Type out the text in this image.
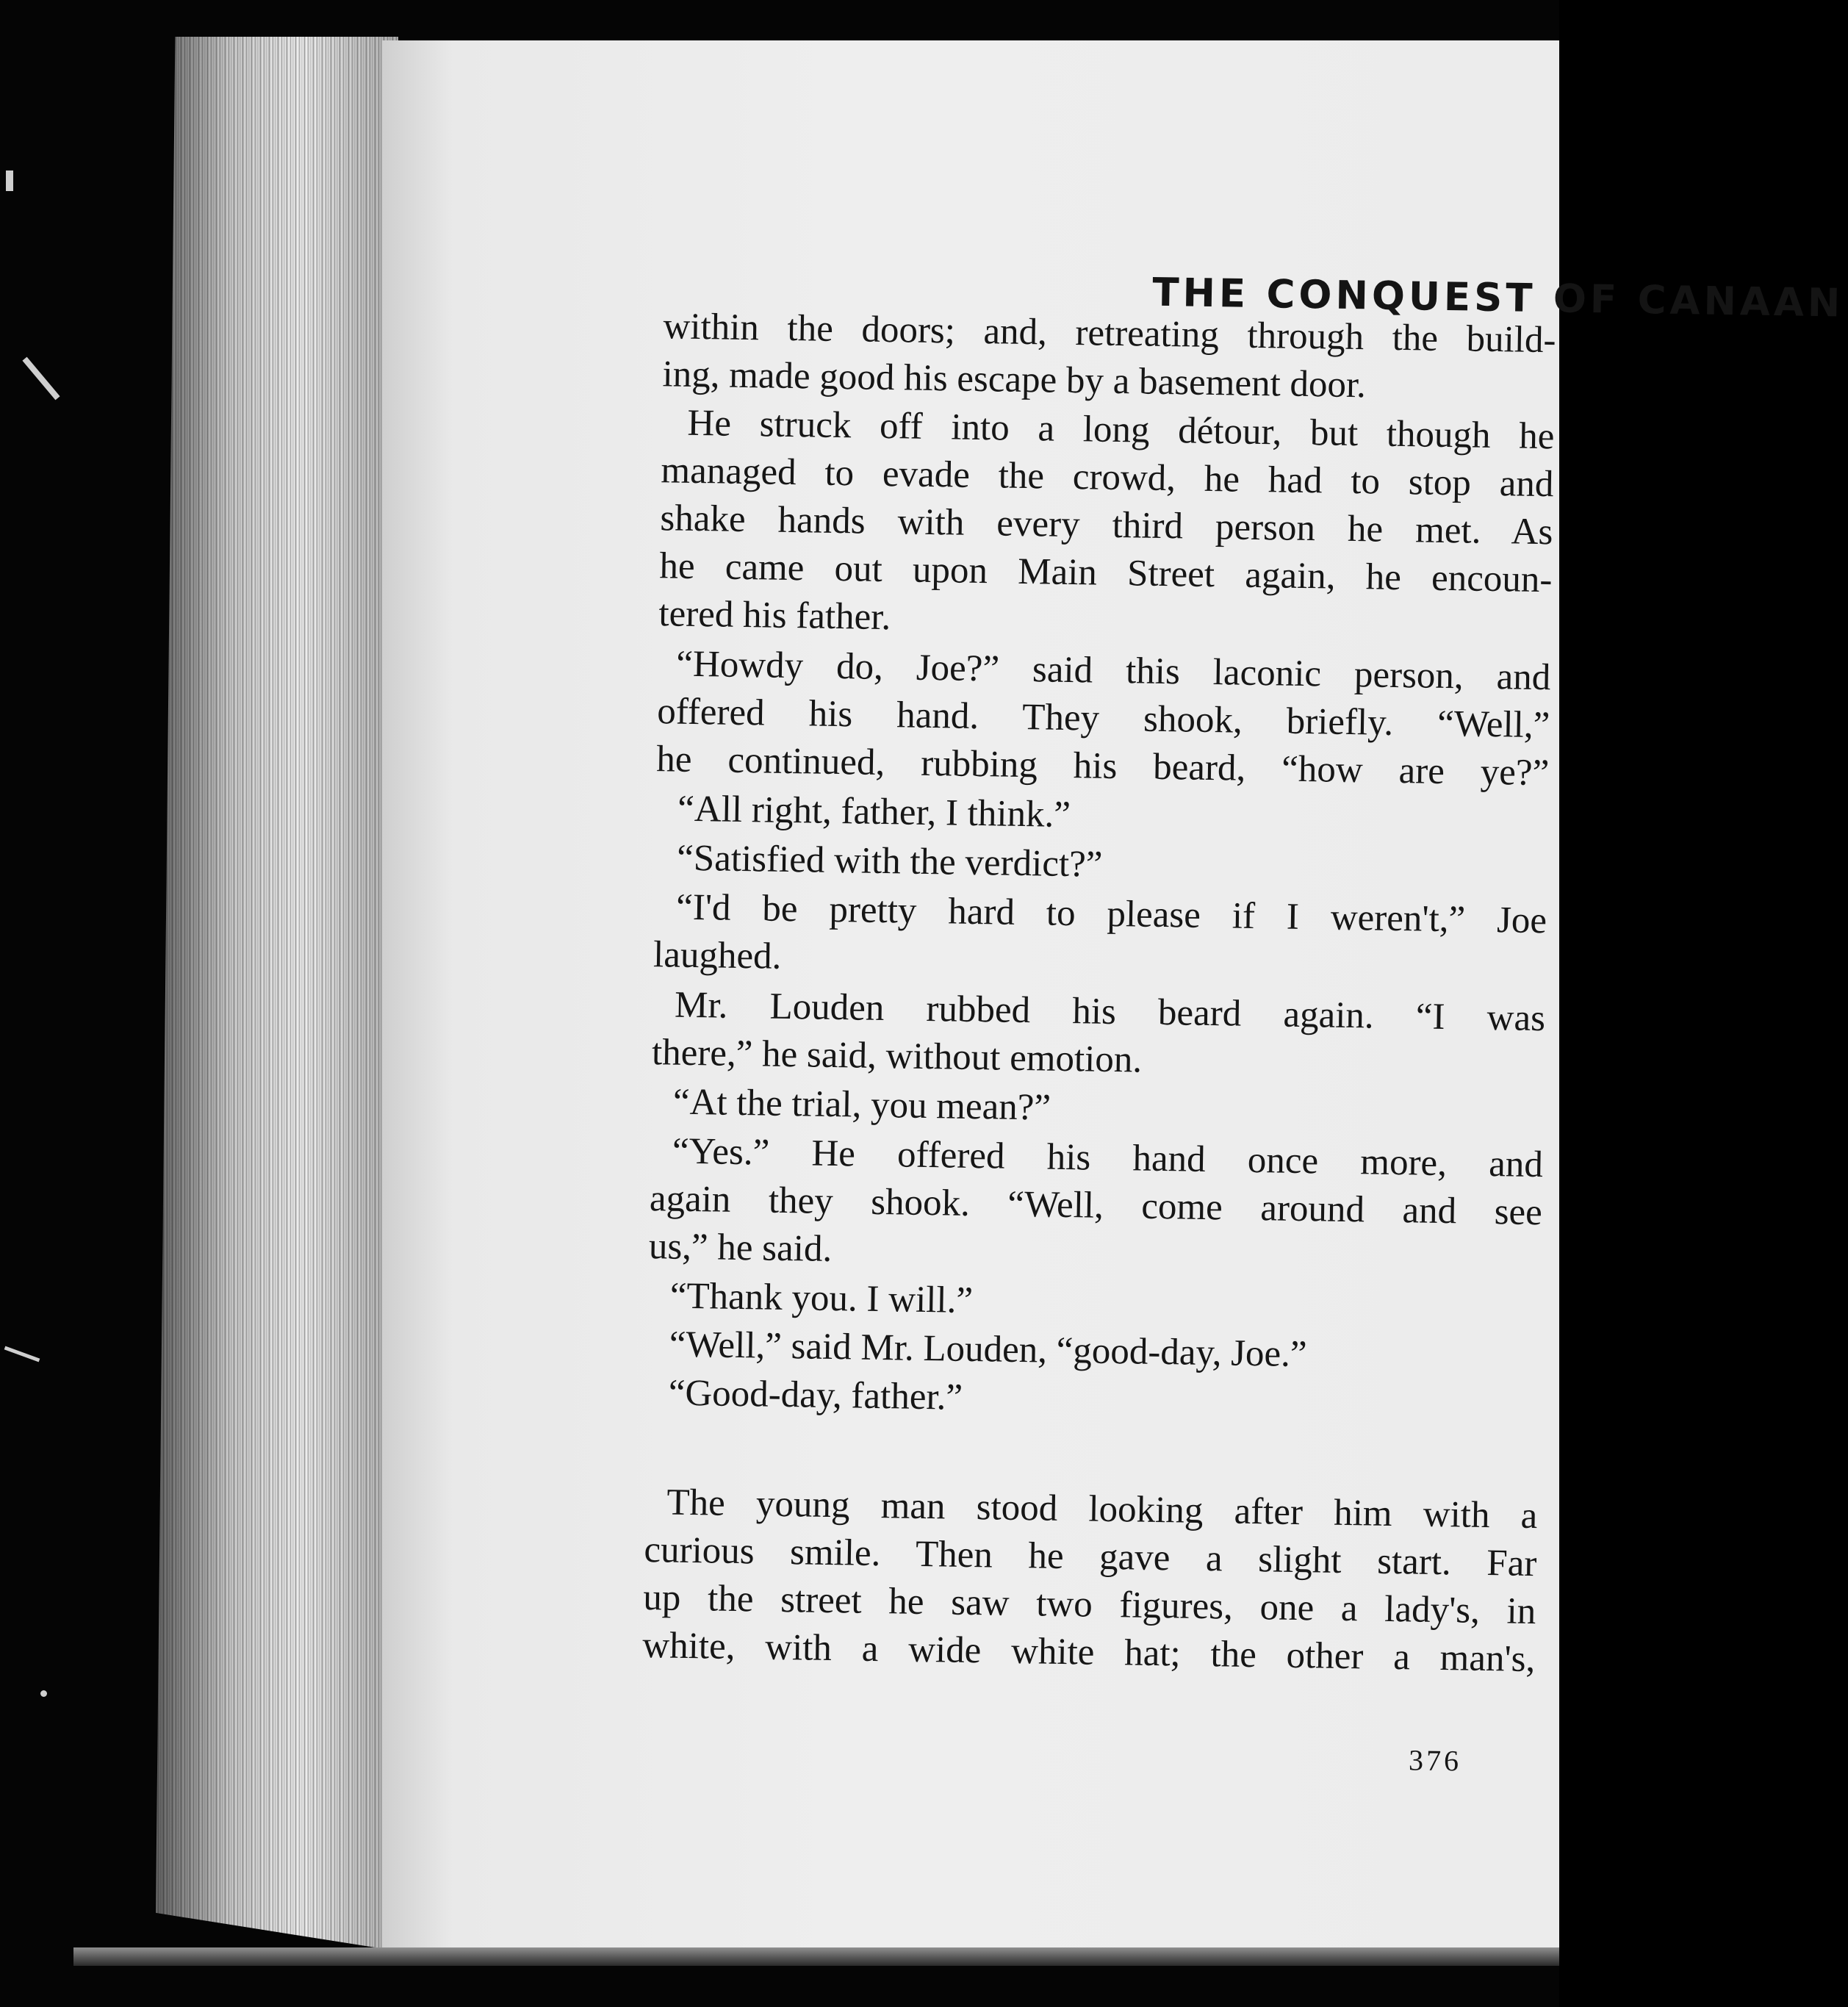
THE CONQUEST OF CANAAN
within the doors; and, retreating through the build-
ing, made good his escape by a basement door.
He struck off into a long détour, but though he
managed to evade the crowd, he had to stop and
shake hands with every third person he met. As
he came out upon Main Street again, he encoun-
tered his father.
“Howdy do, Joe?” said this laconic person, and
offered his hand. They shook, briefly. “Well,”
he continued, rubbing his beard, “how are ye?”
“All right, father, I think.”
“Satisfied with the verdict?”
“I'd be pretty hard to please if I weren't,” Joe
laughed.
Mr. Louden rubbed his beard again. “I was
there,” he said, without emotion.
“At the trial, you mean?”
“Yes.” He offered his hand once more, and
again they shook. “Well, come around and see
us,” he said.
“Thank you. I will.”
“Well,” said Mr. Louden, “good-day, Joe.”
“Good-day, father.”
The young man stood looking after him with a
curious smile. Then he gave a slight start. Far
up the street he saw two figures, one a lady's, in
white, with a wide white hat; the other a man's,
376
